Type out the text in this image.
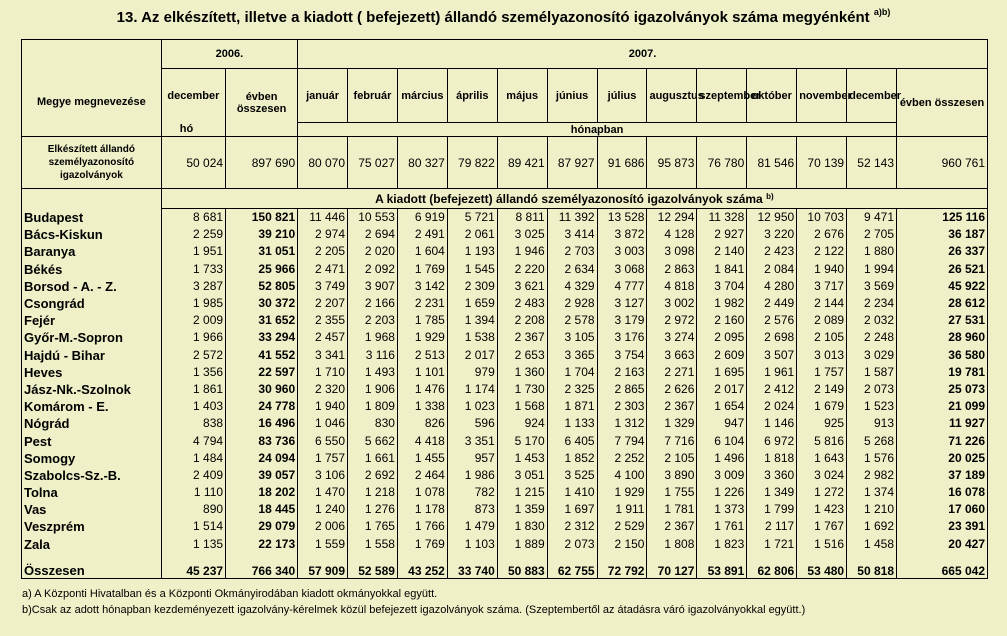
13. Az elkészített, illetve a kiadott ( befejezett) állandó személyazonosító igazolványok száma megyénként $^{a)b)}$
	2006.		2007.												
Megye megnevezése	december	évben összesen	január	február	március	április	május	június	július	augusztus	szeptember	október	november	december	évben összesen
	hó		hónapban												
Elkészített állandó személyazonosító igazolványok	50 024	897 690	80 070	75 027	80 327	79 822	89 421	87 927	91 686	95 873	76 780	81 546	70 139	52 143	960 761
	A kiadott (befejezett) állandó személyazonosító igazolványok száma $^{b)}$
Budapest	8 681	150 821	11 446	10 553	6 919	5 721	8 811	11 392	13 528	12 294	11 328	12 950	10 703	9 471	125 116
Bács-Kiskun	2 259	39 210	2 974	2 694	2 491	2 061	3 025	3 414	3 872	4 128	2 927	3 220	2 676	2 705	36 187
Baranya	1 951	31 051	2 205	2 020	1 604	1 193	1 946	2 703	3 003	3 098	2 140	2 423	2 122	1 880	26 337
Békés	1 733	25 966	2 471	2 092	1 769	1 545	2 220	2 634	3 068	2 863	1 841	2 084	1 940	1 994	26 521
Borsod - A. - Z.	3 287	52 805	3 749	3 907	3 142	2 309	3 621	4 329	4 777	4 818	3 704	4 280	3 717	3 569	45 922
Csongrád	1 985	30 372	2 207	2 166	2 231	1 659	2 483	2 928	3 127	3 002	1 982	2 449	2 144	2 234	28 612
Fejér	2 009	31 652	2 355	2 203	1 785	1 394	2 208	2 578	3 179	2 972	2 160	2 576	2 089	2 032	27 531
Győr-M.-Sopron	1 966	33 294	2 457	1 968	1 929	1 538	2 367	3 105	3 176	3 274	2 095	2 698	2 105	2 248	28 960
Hajdú - Bihar	2 572	41 552	3 341	3 116	2 513	2 017	2 653	3 365	3 754	3 663	2 609	3 507	3 013	3 029	36 580
Heves	1 356	22 597	1 710	1 493	1 101	979	1 360	1 704	2 163	2 271	1 695	1 961	1 757	1 587	19 781
Jász-Nk.-Szolnok	1 861	30 960	2 320	1 906	1 476	1 174	1 730	2 325	2 865	2 626	2 017	2 412	2 149	2 073	25 073
Komárom - E.	1 403	24 778	1 940	1 809	1 338	1 023	1 568	1 871	2 303	2 367	1 654	2 024	1 679	1 523	21 099
Nógrád	838	16 496	1 046	830	826	596	924	1 133	1 312	1 329	947	1 146	925	913	11 927
Pest	4 794	83 736	6 550	5 662	4 418	3 351	5 170	6 405	7 794	7 716	6 104	6 972	5 816	5 268	71 226
Somogy	1 484	24 094	1 757	1 661	1 455	957	1 453	1 852	2 252	2 105	1 496	1 818	1 643	1 576	20 025
Szabolcs-Sz.-B.	2 409	39 057	3 106	2 692	2 464	1 986	3 051	3 525	4 100	3 890	3 009	3 360	3 024	2 982	37 189
Tolna	1 110	18 202	1 470	1 218	1 078	782	1 215	1 410	1 929	1 755	1 226	1 349	1 272	1 374	16 078
Vas	890	18 445	1 240	1 276	1 178	873	1 359	1 697	1 911	1 781	1 373	1 799	1 423	1 210	17 060
Veszprém	1 514	29 079	2 006	1 765	1 766	1 479	1 830	2 312	2 529	2 367	1 761	2 117	1 767	1 692	23 391
Zala	1 135	22 173	1 559	1 558	1 769	1 103	1 889	2 073	2 150	1 808	1 823	1 721	1 516	1 458	20 427
Összesen	45 237	766 340	57 909	52 589	43 252	33 740	50 883	62 755	72 792	70 127	53 891	62 806	53 480	50 818	665 042
a) A Központi Hivatalban és a Központi Okmányirodában kiadott okmányokkal együtt.
b)Csak az adott hónapban kezdeményezett igazolvány-kérelmek közül befejezett igazolványok száma. (Szeptembertől az átadásra váró igazolványokkal együtt.)
